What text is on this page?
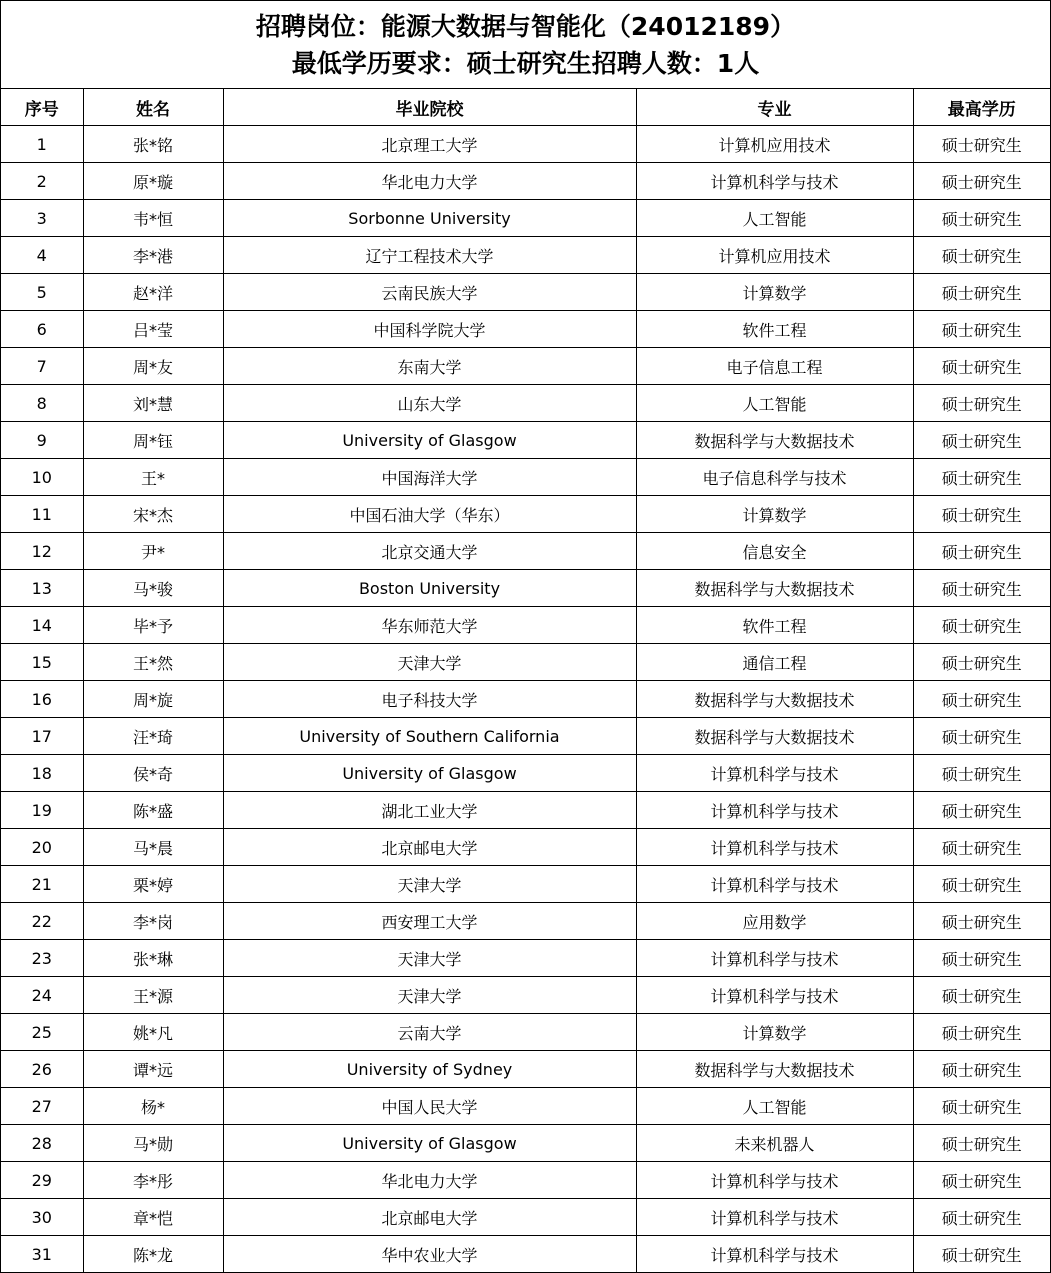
招聘岗位：能源大数据与智能化（24012189）
最低学历要求：硕士研究生招聘人数：1人
序号	姓名	毕业院校	专业	最高学历
1	张*铭	北京理工大学	计算机应用技术	硕士研究生
2	原*璇	华北电力大学	计算机科学与技术	硕士研究生
3	韦*恒	Sorbonne University	人工智能	硕士研究生
4	李*港	辽宁工程技术大学	计算机应用技术	硕士研究生
5	赵*洋	云南民族大学	计算数学	硕士研究生
6	吕*莹	中国科学院大学	软件工程	硕士研究生
7	周*友	东南大学	电子信息工程	硕士研究生
8	刘*慧	山东大学	人工智能	硕士研究生
9	周*钰	University of Glasgow	数据科学与大数据技术	硕士研究生
10	王*	中国海洋大学	电子信息科学与技术	硕士研究生
11	宋*杰	中国石油大学（华东）	计算数学	硕士研究生
12	尹*	北京交通大学	信息安全	硕士研究生
13	马*骏	Boston University	数据科学与大数据技术	硕士研究生
14	毕*予	华东师范大学	软件工程	硕士研究生
15	王*然	天津大学	通信工程	硕士研究生
16	周*旋	电子科技大学	数据科学与大数据技术	硕士研究生
17	汪*琦	University of Southern California	数据科学与大数据技术	硕士研究生
18	侯*奇	University of Glasgow	计算机科学与技术	硕士研究生
19	陈*盛	湖北工业大学	计算机科学与技术	硕士研究生
20	马*晨	北京邮电大学	计算机科学与技术	硕士研究生
21	栗*婷	天津大学	计算机科学与技术	硕士研究生
22	李*岗	西安理工大学	应用数学	硕士研究生
23	张*琳	天津大学	计算机科学与技术	硕士研究生
24	王*源	天津大学	计算机科学与技术	硕士研究生
25	姚*凡	云南大学	计算数学	硕士研究生
26	谭*远	University of Sydney	数据科学与大数据技术	硕士研究生
27	杨*	中国人民大学	人工智能	硕士研究生
28	马*勋	University of Glasgow	未来机器人	硕士研究生
29	李*彤	华北电力大学	计算机科学与技术	硕士研究生
30	章*恺	北京邮电大学	计算机科学与技术	硕士研究生
31	陈*龙	华中农业大学	计算机科学与技术	硕士研究生
